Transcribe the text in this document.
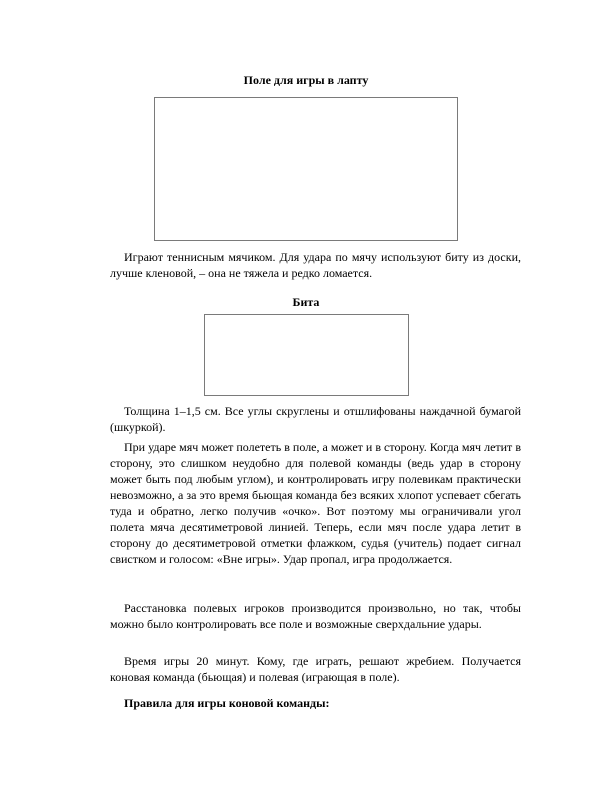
Поле для игры в лапту
Играют теннисным мячиком. Для удара по мячу используют биту из доски, лучше кленовой, – она не тяжела и редко ломается.
Бита
Толщина 1–1,5 см. Все углы скруглены и отшлифованы наждачной бумагой (шкуркой).
При ударе мяч может полететь в поле, а может и в сторону. Когда мяч летит в сторону, это слишком неудобно для полевой команды (ведь удар в сторону может быть под любым углом), и контролировать игру полевикам практически невозможно, а за это время бьющая команда без всяких хлопот успевает сбегать туда и обратно, легко получив «очко». Вот поэтому мы ограничивали угол полета мяча десятиметровой линией. Теперь, если мяч после удара летит в сторону до десятиметровой отметки флажком, судья (учитель) подает сигнал свистком и голосом: «Вне игры». Удар пропал, игра продолжается.
Расстановка полевых игроков производится произвольно, но так, чтобы можно было контролировать все поле и возможные сверхдальние удары.
Время игры 20 минут. Кому, где играть, решают жребием. Получается коновая команда (бьющая) и полевая (играющая в поле).
Правила для игры коновой команды:
